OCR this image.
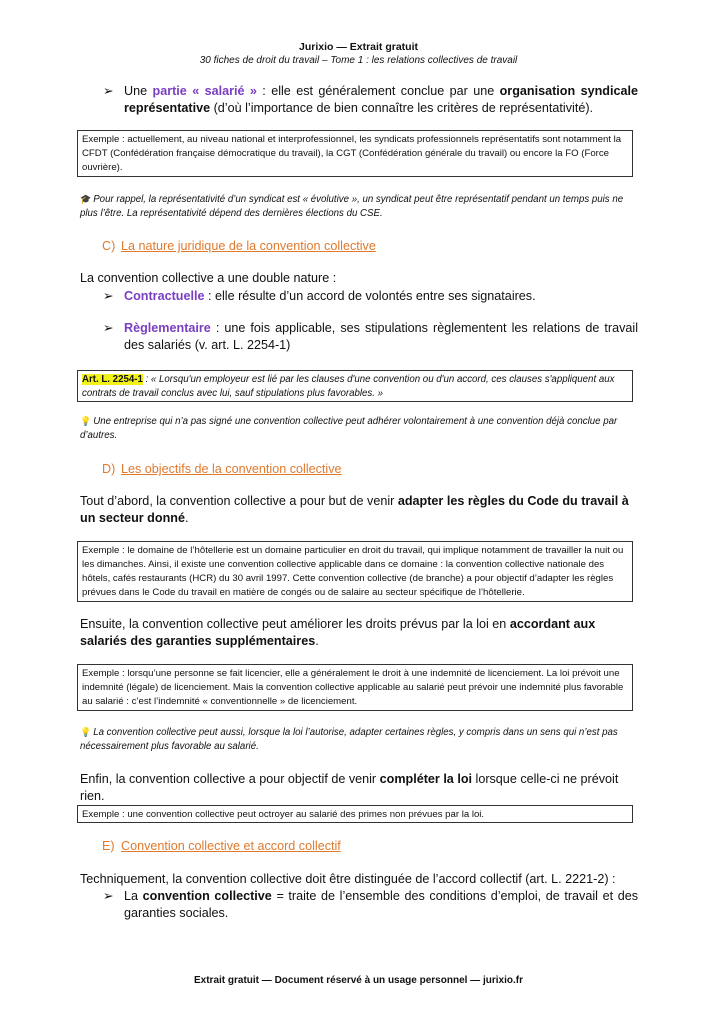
Jurixio — Extrait gratuit
30 fiches de droit du travail – Tome 1 : les relations collectives de travail
➢ Une partie « salarié » : elle est généralement conclue par une organisation syndicale représentative (d’où l’importance de bien connaître les critères de représentativité).
Exemple : actuellement, au niveau national et interprofessionnel, les syndicats professionnels représentatifs sont notamment la CFDT (Confédération française démocratique du travail), la CGT (Confédération générale du travail) ou encore la FO (Force ouvrière).
🎓 Pour rappel, la représentativité d’un syndicat est « évolutive », un syndicat peut être représentatif pendant un temps puis ne plus l’être. La représentativité dépend des dernières élections du CSE.
C) La nature juridique de la convention collective
La convention collective a une double nature :
➢ Contractuelle : elle résulte d’un accord de volontés entre ses signataires.
➢ Règlementaire : une fois applicable, ses stipulations règlementent les relations de travail des salariés (v. art. L. 2254-1)
Art. L. 2254-1 : « Lorsqu'un employeur est lié par les clauses d'une convention ou d'un accord, ces clauses s'appliquent aux contrats de travail conclus avec lui, sauf stipulations plus favorables. »
💡 Une entreprise qui n’a pas signé une convention collective peut adhérer volontairement à une convention déjà conclue par d’autres.
D) Les objectifs de la convention collective
Tout d’abord, la convention collective a pour but de venir adapter les règles du Code du travail à un secteur donné.
Exemple : le domaine de l’hôtellerie est un domaine particulier en droit du travail, qui implique notamment de travailler la nuit ou les dimanches. Ainsi, il existe une convention collective applicable dans ce domaine : la convention collective nationale des hôtels, cafés restaurants (HCR) du 30 avril 1997. Cette convention collective (de branche) a pour objectif d’adapter les règles prévues dans le Code du travail en matière de congés ou de salaire au secteur spécifique de l’hôtellerie.
Ensuite, la convention collective peut améliorer les droits prévus par la loi en accordant aux salariés des garanties supplémentaires.
Exemple : lorsqu’une personne se fait licencier, elle a généralement le droit à une indemnité de licenciement. La loi prévoit une indemnité (légale) de licenciement. Mais la convention collective applicable au salarié peut prévoir une indemnité plus favorable au salarié : c’est l’indemnité « conventionnelle » de licenciement.
💡 La convention collective peut aussi, lorsque la loi l’autorise, adapter certaines règles, y compris dans un sens qui n’est pas nécessairement plus favorable au salarié.
Enfin, la convention collective a pour objectif de venir compléter la loi lorsque celle-ci ne prévoit rien.
Exemple : une convention collective peut octroyer au salarié des primes non prévues par la loi.
E) Convention collective et accord collectif
Techniquement, la convention collective doit être distinguée de l’accord collectif (art. L. 2221-2) :
➢ La convention collective = traite de l’ensemble des conditions d’emploi, de travail et des garanties sociales.
Extrait gratuit — Document réservé à un usage personnel — jurixio.fr
